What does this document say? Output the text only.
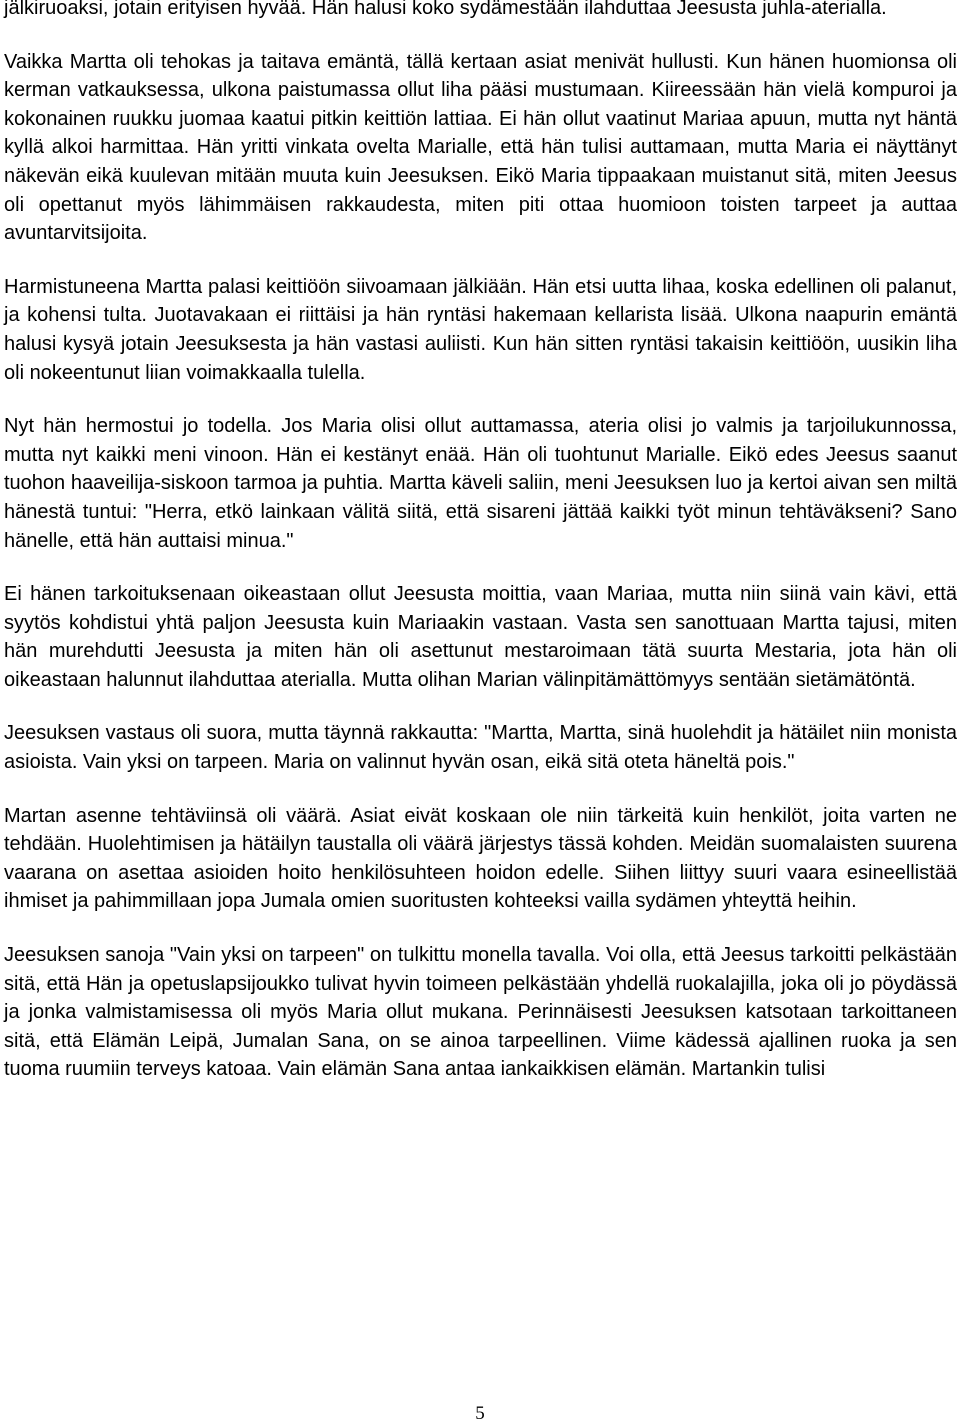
jälkiruoaksi, jotain erityisen hyvää. Hän halusi koko sydämestään ilahduttaa Jeesusta juhla-aterialla.

Vaikka Martta oli tehokas ja taitava emäntä, tällä kertaan asiat menivät hullusti. Kun hänen huomionsa oli kerman vatkauksessa, ulkona paistumassa ollut liha pääsi mustumaan. Kiireessään hän vielä kompuroi ja kokonainen ruukku juomaa kaatui pitkin keittiön lattiaa. Ei hän ollut vaatinut Mariaa apuun, mutta nyt häntä kyllä alkoi harmittaa. Hän yritti vinkata ovelta Marialle, että hän tulisi auttamaan, mutta Maria ei näyttänyt näkevän eikä kuulevan mitään muuta kuin Jeesuksen. Eikö Maria tippaakaan muistanut sitä, miten Jeesus oli opettanut myös lähimmäisen rakkaudesta, miten piti ottaa huomioon toisten tarpeet ja auttaa avuntarvitsijoita.

Harmistuneena Martta palasi keittiöön siivoamaan jälkiään. Hän etsi uutta lihaa, koska edellinen oli palanut, ja kohensi tulta. Juotavakaan ei riittäisi ja hän ryntäsi hakemaan kellarista lisää. Ulkona naapurin emäntä halusi kysyä jotain Jeesuksesta ja hän vastasi auliisti. Kun hän sitten ryntäsi takaisin keittiöön, uusikin liha oli nokeentunut liian voimakkaalla tulella.

Nyt hän hermostui jo todella. Jos Maria olisi ollut auttamassa, ateria olisi jo valmis ja tarjoilukunnossa, mutta nyt kaikki meni vinoon. Hän ei kestänyt enää. Hän oli tuohtunut Marialle. Eikö edes Jeesus saanut tuohon haaveilija-siskoon tarmoa ja puhtia. Martta käveli saliin, meni Jeesuksen luo ja kertoi aivan sen miltä hänestä tuntui: "Herra, etkö lainkaan välitä siitä, että sisareni jättää kaikki työt minun tehtäväkseni? Sano hänelle, että hän auttaisi minua."

Ei hänen tarkoituksenaan oikeastaan ollut Jeesusta moittia, vaan Mariaa, mutta niin siinä vain kävi, että syytös kohdistui yhtä paljon Jeesusta kuin Mariaakin vastaan. Vasta sen sanottuaan Martta tajusi, miten hän murehdutti Jeesusta ja miten hän oli asettunut mestaroimaan tätä suurta Mestaria, jota hän oli oikeastaan halunnut ilahduttaa aterialla. Mutta olihan Marian välinpitämättömyys sentään sietämätöntä.

Jeesuksen vastaus oli suora, mutta täynnä rakkautta: "Martta, Martta, sinä huolehdit ja hätäilet niin monista asioista. Vain yksi on tarpeen. Maria on valinnut hyvän osan, eikä sitä oteta häneltä pois."

Martan asenne tehtäviinsä oli väärä. Asiat eivät koskaan ole niin tärkeitä kuin henkilöt, joita varten ne tehdään. Huolehtimisen ja hätäilyn taustalla oli väärä järjestys tässä kohden. Meidän suomalaisten suurena vaarana on asettaa asioiden hoito henkilösuhteen hoidon edelle. Siihen liittyy suuri vaara esineellistää ihmiset ja pahimmillaan jopa Jumala omien suoritusten kohteeksi vailla sydämen yhteyttä heihin.

Jeesuksen sanoja "Vain yksi on tarpeen" on tulkittu monella tavalla. Voi olla, että Jeesus tarkoitti pelkästään sitä, että Hän ja opetuslapsijoukko tulivat hyvin toimeen pelkästään yhdellä ruokalajilla, joka oli jo pöydässä ja jonka valmistamisessa oli myös Maria ollut mukana. Perinnäisesti Jeesuksen katsotaan tarkoittaneen sitä, että Elämän Leipä, Jumalan Sana, on se ainoa tarpeellinen. Viime kädessä ajallinen ruoka ja sen tuoma ruumiin terveys katoaa. Vain elämän Sana antaa iankaikkisen elämän. Martankin tulisi

5
